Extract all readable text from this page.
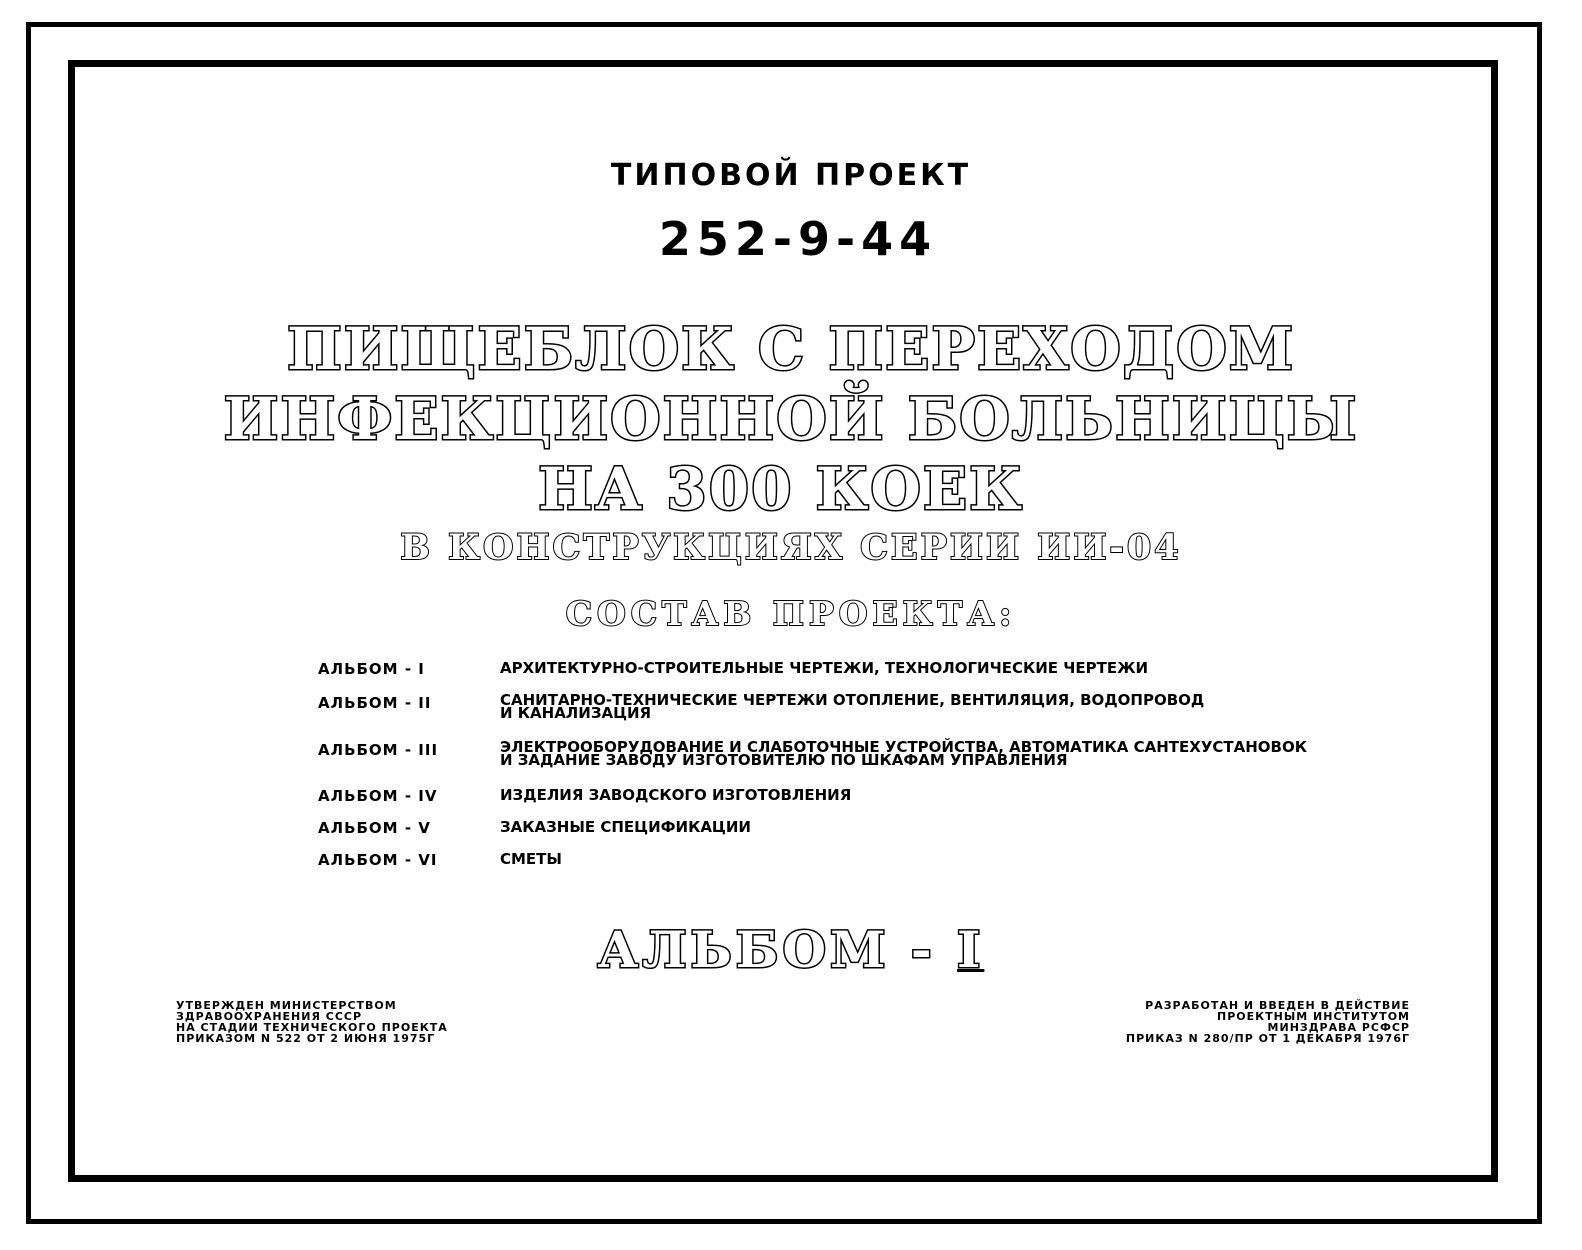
ТИПОВОЙ ПРОЕКТ
252-9-44
ПИЩЕБЛОК С ПЕРЕХОДОМ
ИНФЕКЦИОННОЙ БОЛЬНИЦЫ
НА 300 КОЕК
В КОНСТРУКЦИЯХ СЕРИИ ИИ-04
СОСТАВ ПРОЕКТА:
АЛЬБОМ - I	АРХИТЕКТУРНО-СТРОИТЕЛЬНЫЕ ЧЕРТЕЖИ, ТЕХНОЛОГИЧЕСКИЕ ЧЕРТЕЖИ
АЛЬБОМ - II	САНИТАРНО-ТЕХНИЧЕСКИЕ ЧЕРТЕЖИ ОТОПЛЕНИЕ, ВЕНТИЛЯЦИЯ, ВОДОПРОВОД
И КАНАЛИЗАЦИЯ
АЛЬБОМ - III	ЭЛЕКТРООБОРУДОВАНИЕ И СЛАБОТОЧНЫЕ УСТРОЙСТВА, АВТОМАТИКА САНТЕХУСТАНОВОК
И ЗАДАНИЕ ЗАВОДУ ИЗГОТОВИТЕЛЮ ПО ШКАФАМ УПРАВЛЕНИЯ
АЛЬБОМ - IV	ИЗДЕЛИЯ ЗАВОДСКОГО ИЗГОТОВЛЕНИЯ
АЛЬБОМ - V	ЗАКАЗНЫЕ СПЕЦИФИКАЦИИ
АЛЬБОМ - VI	СМЕТЫ
АЛЬБОМ - I
УТВЕРЖДЕН МИНИСТЕРСТВОМ
ЗДРАВООХРАНЕНИЯ СССР
НА СТАДИИ ТЕХНИЧЕСКОГО ПРОЕКТА
ПРИКАЗОМ N 522 ОТ 2 ИЮНЯ 1975Г
РАЗРАБОТАН И ВВЕДЕН В ДЕЙСТВИЕ
ПРОЕКТНЫМ ИНСТИТУТОМ
МИНЗДРАВА РСФСР
ПРИКАЗ N 280/ПР ОТ 1 ДЕКАБРЯ 1976Г
